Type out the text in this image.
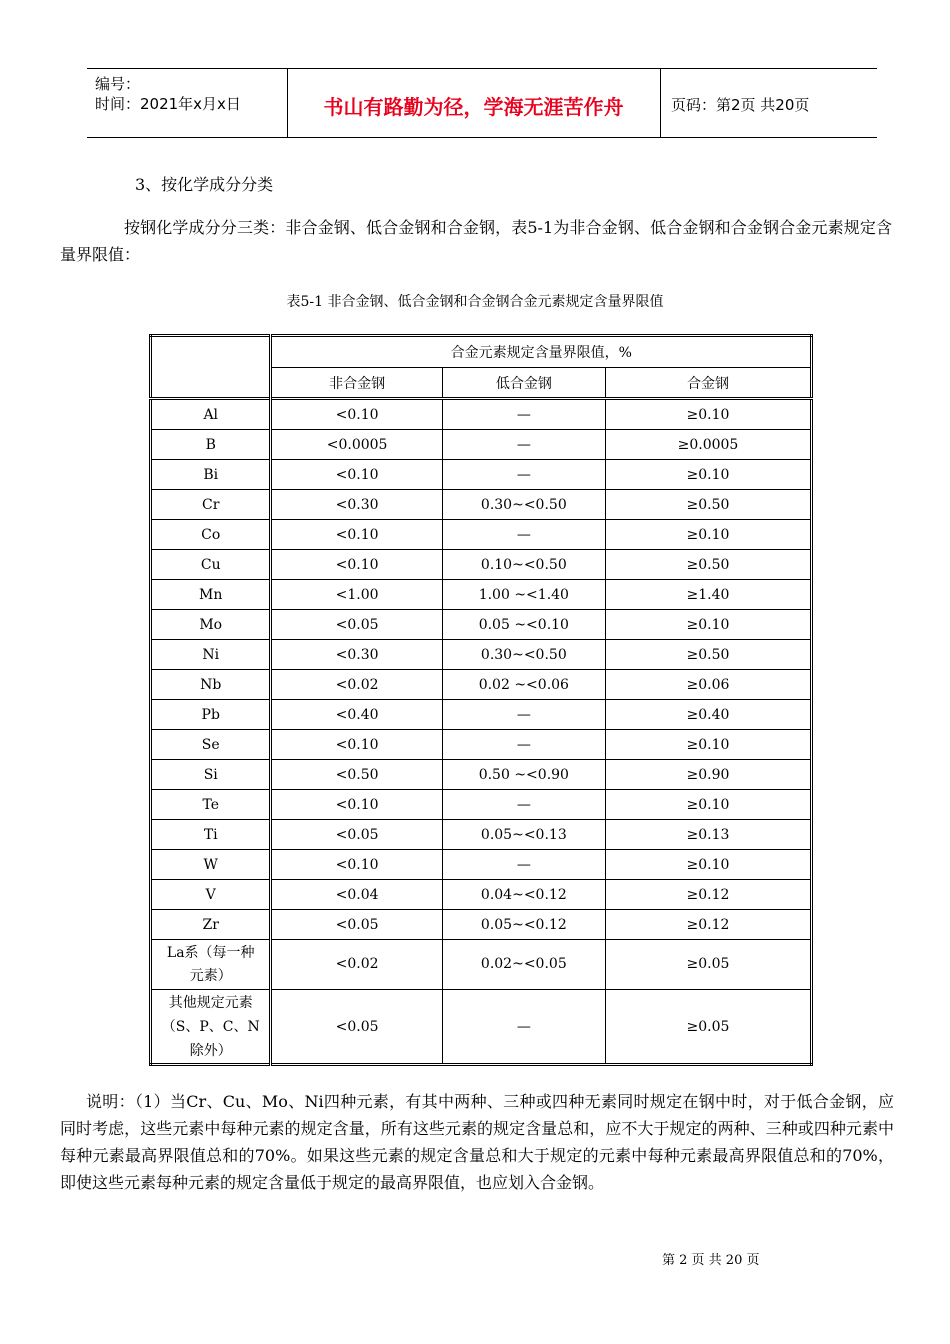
编号：
时间：2021年x月x日	书山有路勤为径，学海无涯苦作舟	页码：第2页 共20页
3、按化学成分分类
按钢化学成分分三类：非合金钢、低合金钢和合金钢，表5-1为非合金钢、低合金钢和合金钢合金元素规定含量界限值：
表5-1 非合金钢、低合金钢和合金钢合金元素规定含量界限值
	合金元素规定含量界限值，%		
	非合金钢	低合金钢	合金钢
Al	<0.10	—	≥0.10
B	<0.0005	—	≥0.0005
Bi	<0.10	—	≥0.10
Cr	<0.30	0.30~<0.50	≥0.50
Co	<0.10	—	≥0.10
Cu	<0.10	0.10~<0.50	≥0.50
Mn	<1.00	1.00 ~<1.40	≥1.40
Mo	<0.05	0.05 ~<0.10	≥0.10
Ni	<0.30	0.30~<0.50	≥0.50
Nb	<0.02	0.02 ~<0.06	≥0.06
Pb	<0.40	—	≥0.40
Se	<0.10	—	≥0.10
Si	<0.50	0.50 ~<0.90	≥0.90
Te	<0.10	—	≥0.10
Ti	<0.05	0.05~<0.13	≥0.13
W	<0.10	—	≥0.10
V	<0.04	0.04~<0.12	≥0.12
Zr	<0.05	0.05~<0.12	≥0.12

La系（每一种
元素）	<0.02	0.02~<0.05	≥0.05

其他规定元素
（S、P、C、N
除外）	<0.05	—	≥0.05
说明：（1）当Cr、Cu、Mo、Ni四种元素，有其中两种、三种或四种无素同时规定在钢中时，对于低合金钢，应同时考虑，这些元素中每种元素的规定含量，所有这些元素的规定含量总和，应不大于规定的两种、三种或四种元素中每种元素最高界限值总和的70%。如果这些元素的规定含量总和大于规定的元素中每种元素最高界限值总和的70%，即使这些元素每种元素的规定含量低于规定的最高界限值，也应划入合金钢。
第 2 页 共 20 页
